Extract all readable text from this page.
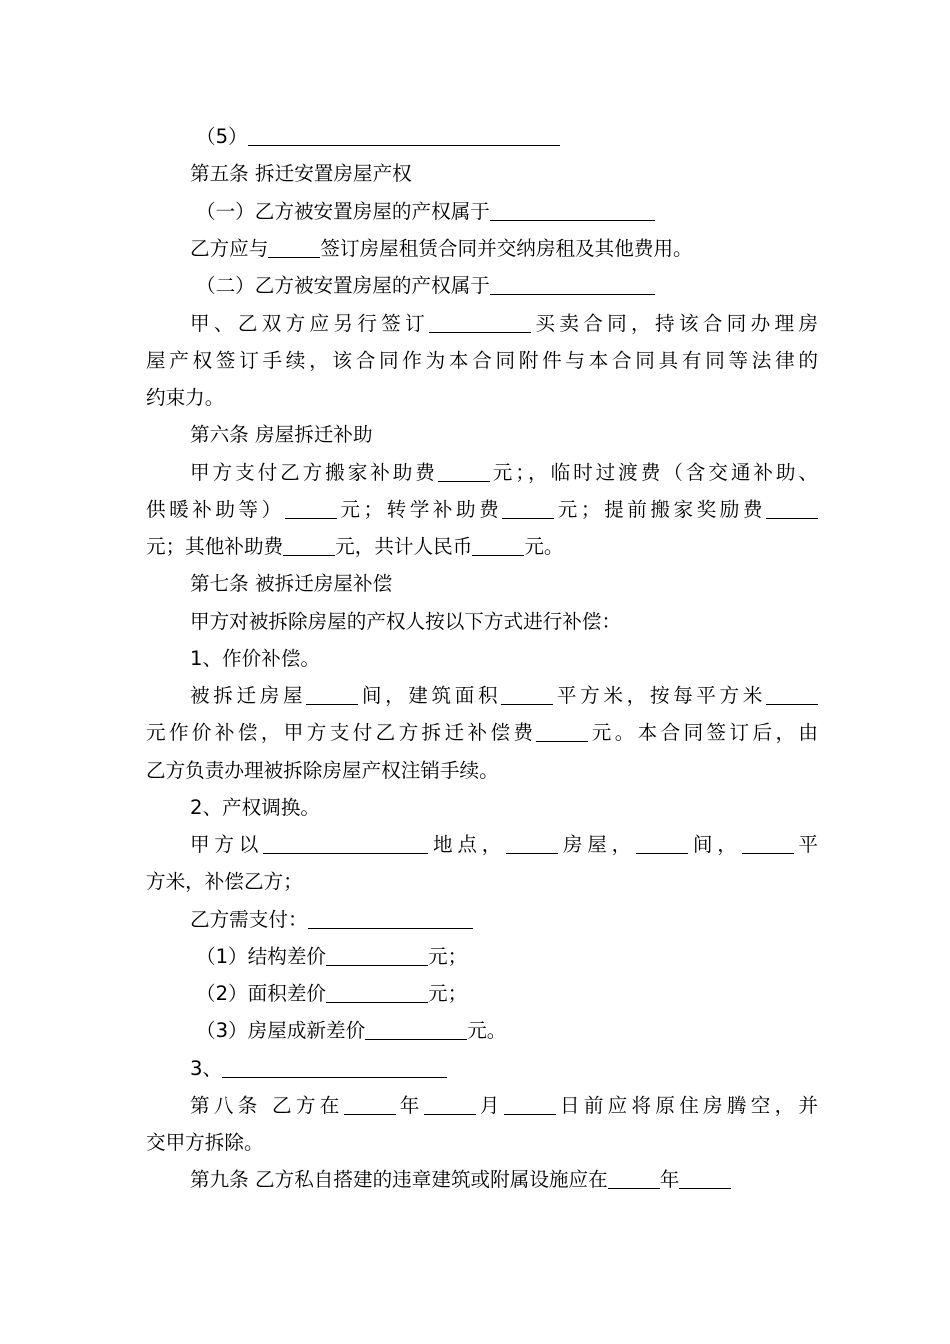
（5）
第五条 拆迁安置房屋产权
（一）乙方被安置房屋的产权属于
乙方应与	签订房屋租赁合同并交纳房租及其他费用。
（二）乙方被安置房屋的产权属于
甲、乙双方应另行签订	买卖合同，持该合同办理房
屋产权签订手续，该合同作为本合同附件与本合同具有同等法律的
约束力。
第六条 房屋拆迁补助
甲方支付乙方搬家补助费	元；，临时过渡费（含交通补助、
供暖补助等）	元；转学补助费	元；提前搬家奖励费
元；其他补助费	元，共计人民币	元。
第七条 被拆迁房屋补偿
甲方对被拆除房屋的产权人按以下方式进行补偿：
1、作价补偿。
被拆迁房屋	间，建筑面积	平方米，按每平方米
元作价补偿，甲方支付乙方拆迁补偿费	元。本合同签订后，由
乙方负责办理被拆除房屋产权注销手续。
2、产权调换。
甲方以	地点，	房屋，	间，	平
方米，补偿乙方；
乙方需支付：
（1）结构差价	元；
（2）面积差价	元；
（3）房屋成新差价	元。
3、
第八条 乙方在	年	月	日前应将原住房腾空，并
交甲方拆除。
第九条 乙方私自搭建的违章建筑或附属设施应在	年
